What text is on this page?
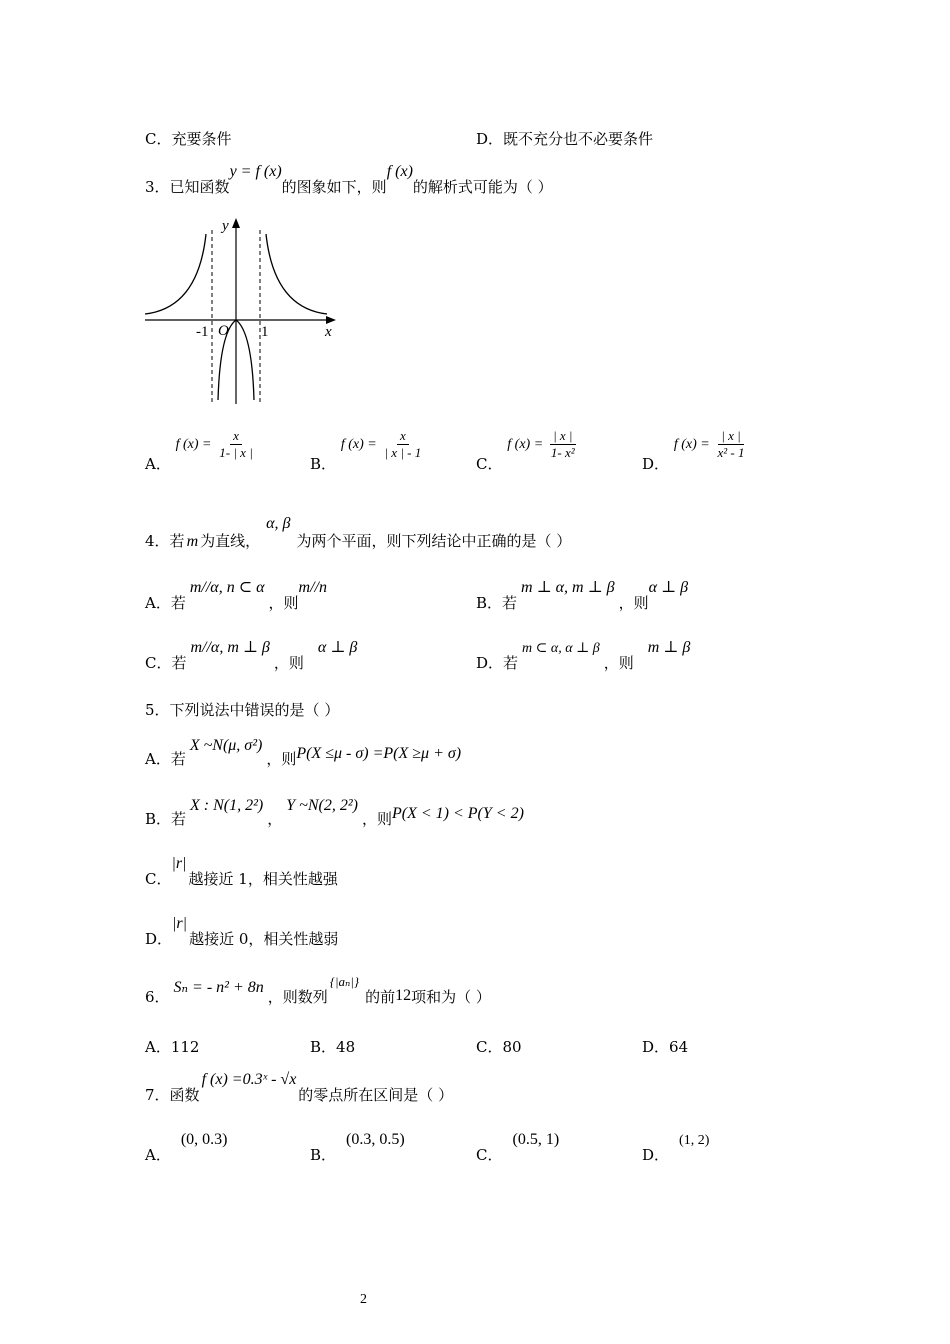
C．充要条件	D．既不充分也不必要条件
3．已知函数y = f (x)的图象如下，则f (x)的解析式可能为（ ）
y
x
O
-1	1
A． f $(x) = \frac{x}{1- | x |}$
B． f $(x) = \frac{x}{| x | - 1}$
C． f $(x) = \frac{| x |}{\text{1- x²}}$
D． f $(x) = \frac{| x |}{\text{x² - 1}}$
4．若 m 为直线，α, β为两个平面，则下列结论中正确的是（ ）
A．若m//α, n ⊂ α，则m//n
B．若m ⊥ α, m ⊥ β，则α ⊥ β
C．若m//α, m ⊥ β，则α ⊥ β
D．若m ⊂ α, α ⊥ β，则m ⊥ β
5．下列说法中错误的是（ ）
A．若X ~N(μ, σ²)，则P(X ≤μ - σ) =P(X ≥μ + σ)
B．若X : N(1, 2²)，Y ~N(2, 2²)，则P(X < 1) < P(Y < 2)
C．|r|越接近 1，相关性越强
D．|r|越接近 0，相关性越弱
6．Sₙ = - n² + 8n，则数列{|aₙ|}的前12项和为（ ）
A．112	B．48	C．80	D．64
7．函数f (x) =0.3ˣ - √x的零点所在区间是（ ）
A．(0, 0.3)
B．(0.3, 0.5)
C．(0.5, 1)
D．(1, 2)
2
